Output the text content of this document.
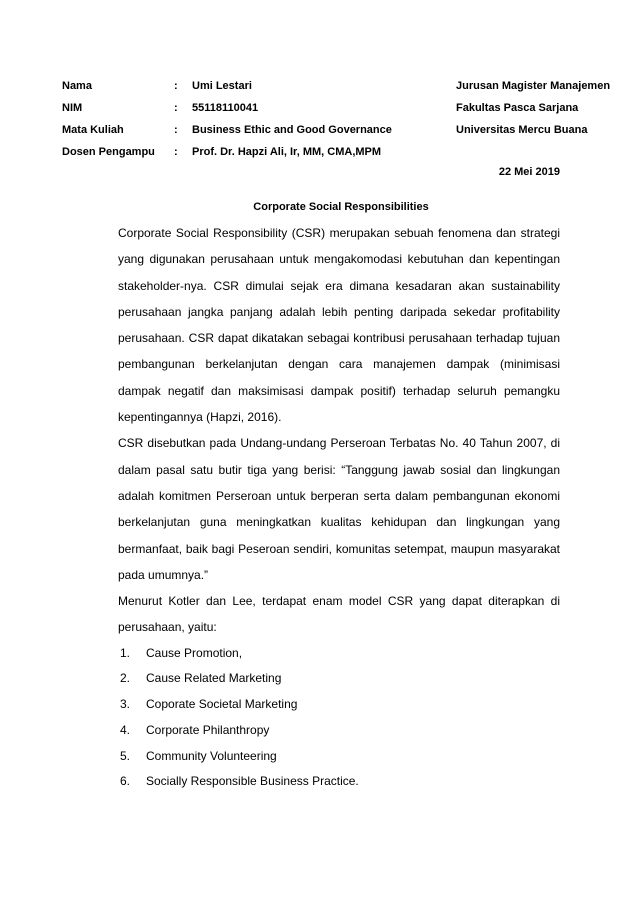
Nama	: Umi Lestari	Jurusan Magister Manajemen
NIM	: 55118110041	Fakultas Pasca Sarjana
Mata Kuliah	: Business Ethic and Good Governance	Universitas Mercu Buana
Dosen Pengampu : Prof. Dr. Hapzi Ali, Ir, MM, CMA,MPM
22 Mei 2019
Corporate Social Responsibilities

Corporate Social Responsibility (CSR) merupakan sebuah fenomena dan strategi yang digunakan perusahaan untuk mengakomodasi kebutuhan dan kepentingan stakeholder-nya. CSR dimulai sejak era dimana kesadaran akan sustainability perusahaan jangka panjang adalah lebih penting daripada sekedar profitability perusahaan. CSR dapat dikatakan sebagai kontribusi perusahaan terhadap tujuan pembangunan berkelanjutan dengan cara manajemen dampak (minimisasi dampak negatif dan maksimisasi dampak positif) terhadap seluruh pemangku kepentingannya (Hapzi, 2016).

CSR disebutkan pada Undang-undang Perseroan Terbatas No. 40 Tahun 2007, di dalam pasal satu butir tiga yang berisi: “Tanggung jawab sosial dan lingkungan adalah komitmen Perseroan untuk berperan serta dalam pembangunan ekonomi berkelanjutan guna meningkatkan kualitas kehidupan dan lingkungan yang bermanfaat, baik bagi Peseroan sendiri, komunitas setempat, maupun masyarakat pada umumnya.”

Menurut Kotler dan Lee, terdapat enam model CSR yang dapat diterapkan di perusahaan, yaitu:

1. Cause Promotion,
2. Cause Related Marketing
3. Coporate Societal Marketing
4. Corporate Philanthropy
5. Community Volunteering
6. Socially Responsible Business Practice.
